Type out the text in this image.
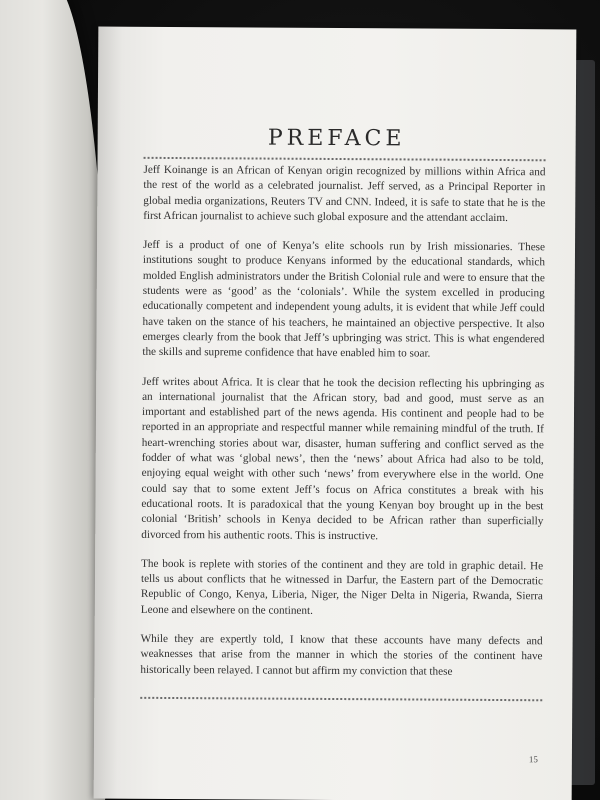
PREFACE

Jeff Koinange is an African of Kenyan origin recognized by millions within Africa and the rest of the world as a celebrated journalist. Jeff served, as a Principal Reporter in global media organizations, Reuters TV and CNN. Indeed, it is safe to state that he is the first African journalist to achieve such global exposure and the attendant acclaim.

Jeff is a product of one of Kenya’s elite schools run by Irish missionaries. These institutions sought to produce Kenyans informed by the educational standards, which molded English administrators under the British Colonial rule and were to ensure that the students were as ‘good’ as the ‘colonials’. While the system excelled in producing educationally competent and independent young adults, it is evident that while Jeff could have taken on the stance of his teachers, he maintained an objective perspective. It also emerges clearly from the book that Jeff’s upbringing was strict. This is what engendered the skills and supreme confidence that have enabled him to soar.

Jeff writes about Africa. It is clear that he took the decision reflecting his upbringing as an international journalist that the African story, bad and good, must serve as an important and established part of the news agenda. His continent and people had to be reported in an appropriate and respectful manner while remaining mindful of the truth. If heart-wrenching stories about war, disaster, human suffering and conflict served as the fodder of what was ‘global news’, then the ‘news’ about Africa had also to be told, enjoying equal weight with other such ‘news’ from everywhere else in the world. One could say that to some extent Jeff’s focus on Africa constitutes a break with his educational roots. It is paradoxical that the young Kenyan boy brought up in the best colonial ‘British’ schools in Kenya decided to be African rather than superficially divorced from his authentic roots. This is instructive.

The book is replete with stories of the continent and they are told in graphic detail. He tells us about conflicts that he witnessed in Darfur, the Eastern part of the Democratic Republic of Congo, Kenya, Liberia, Niger, the Niger Delta in Nigeria, Rwanda, Sierra Leone and elsewhere on the continent.

While they are expertly told, I know that these accounts have many defects and weaknesses that arise from the manner in which the stories of the continent have historically been relayed. I cannot but affirm my conviction that these

15
